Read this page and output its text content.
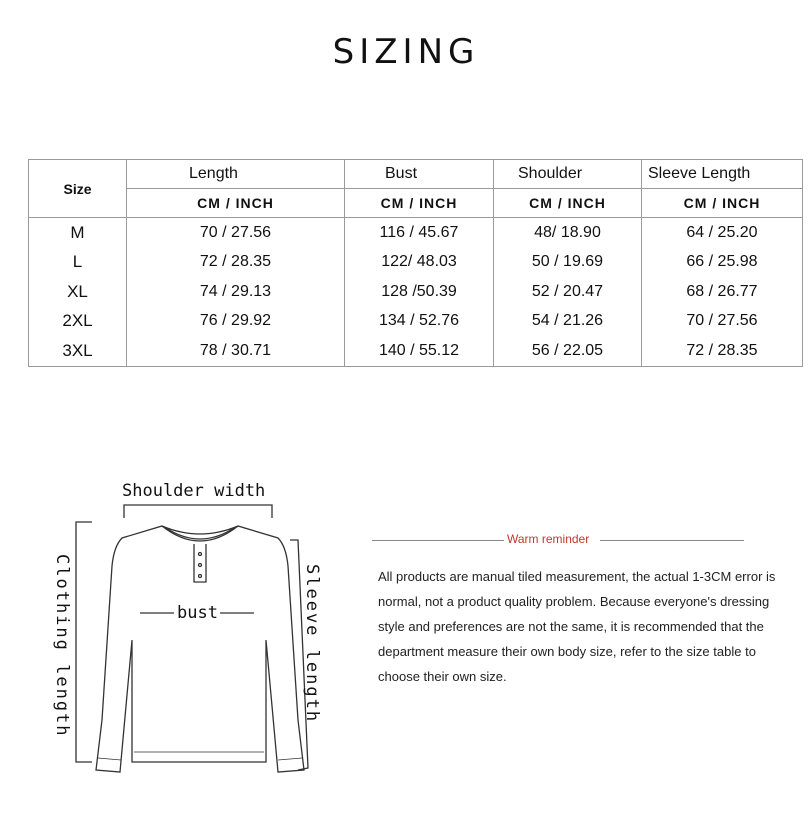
SIZING
Size	Length	Bust	Shoulder	Sleeve Length
	CM / INCH	CM / INCH	CM / INCH	CM / INCH
M	70 / 27.56	116 / 45.67	48/ 18.90	64 / 25.20
L	72 / 28.35	122/ 48.03	50 / 19.69	66 / 25.98
XL	74 / 29.13	128 /50.39	52 / 20.47	68 / 26.77
2XL	76 / 29.92	134 / 52.76	54 / 21.26	70 / 27.56
3XL	78 / 30.71	140 / 55.12	56 / 22.05	72 / 28.35
Shoulder width
bust
Clothing length	Sleeve length
Warm reminder
All products are manual tiled measurement, the actual 1-3CM error is normal, not a product quality problem. Because everyone's dressing style and preferences are not the same, it is recommended that the department measure their own body size, refer to the size table to choose their own size.
